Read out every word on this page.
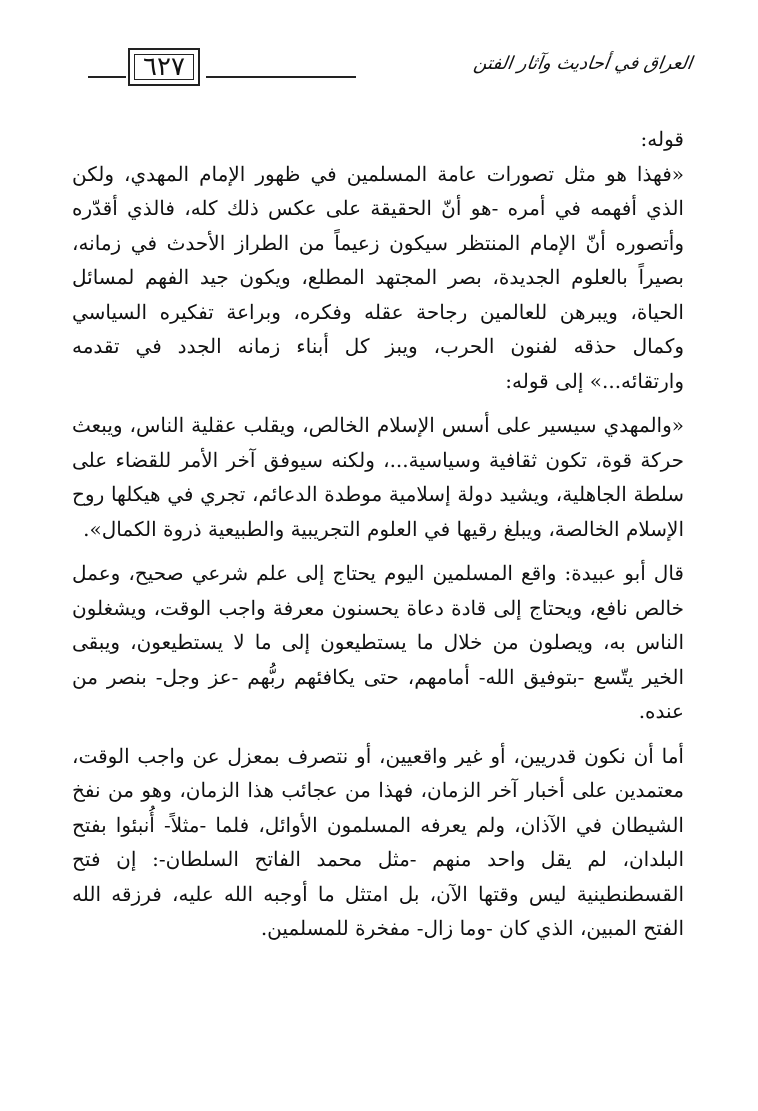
٦٢٧	العراق في أحاديث وآثار الفتن

قوله:

«فهذا هو مثل تصورات عامة المسلمين في ظهور الإمام المهدي، ولكن الذي أفهمه في أمره -هو أنّ الحقيقة على عكس ذلك كله، فالذي أقدّره وأتصوره أنّ الإمام المنتظر سيكون زعيماً من الطراز الأحدث في زمانه، بصيراً بالعلوم الجديدة، بصر المجتهد المطلع، ويكون جيد الفهم لمسائل الحياة، ويبرهن للعالمين رجاحة عقله وفكره، وبراعة تفكيره السياسي وكمال حذقه لفنون الحرب، ويبز كل أبناء زمانه الجدد في تقدمه وارتقائه...» إلى قوله:

«والمهدي سيسير على أسس الإسلام الخالص، ويقلب عقلية الناس، ويبعث حركة قوة، تكون ثقافية وسياسية...، ولكنه سيوفق آخر الأمر للقضاء على سلطة الجاهلية، ويشيد دولة إسلامية موطدة الدعائم، تجري في هيكلها روح الإسلام الخالصة، ويبلغ رقيها في العلوم التجريبية والطبيعية ذروة الكمال».

قال أبو عبيدة: واقع المسلمين اليوم يحتاج إلى علم شرعي صحيح، وعمل خالص نافع، ويحتاج إلى قادة دعاة يحسنون معرفة واجب الوقت، ويشغلون الناس به، ويصلون من خلال ما يستطيعون إلى ما لا يستطيعون، ويبقى الخير يتّسع -بتوفيق الله- أمامهم، حتى يكافئهم ربُّهم -عز وجل- بنصر من عنده.

أما أن نكون قدريين، أو غير واقعيين، أو نتصرف بمعزل عن واجب الوقت، معتمدين على أخبار آخر الزمان، فهذا من عجائب هذا الزمان، وهو من نفخ الشيطان في الآذان، ولم يعرفه المسلمون الأوائل، فلما -مثلاً- أُنبئوا بفتح البلدان، لم يقل واحد منهم -مثل محمد الفاتح السلطان-: إن فتح القسطنطينية ليس وقتها الآن، بل امتثل ما أوجبه الله عليه، فرزقه الله الفتح المبين، الذي كان -وما زال- مفخرة للمسلمين.
